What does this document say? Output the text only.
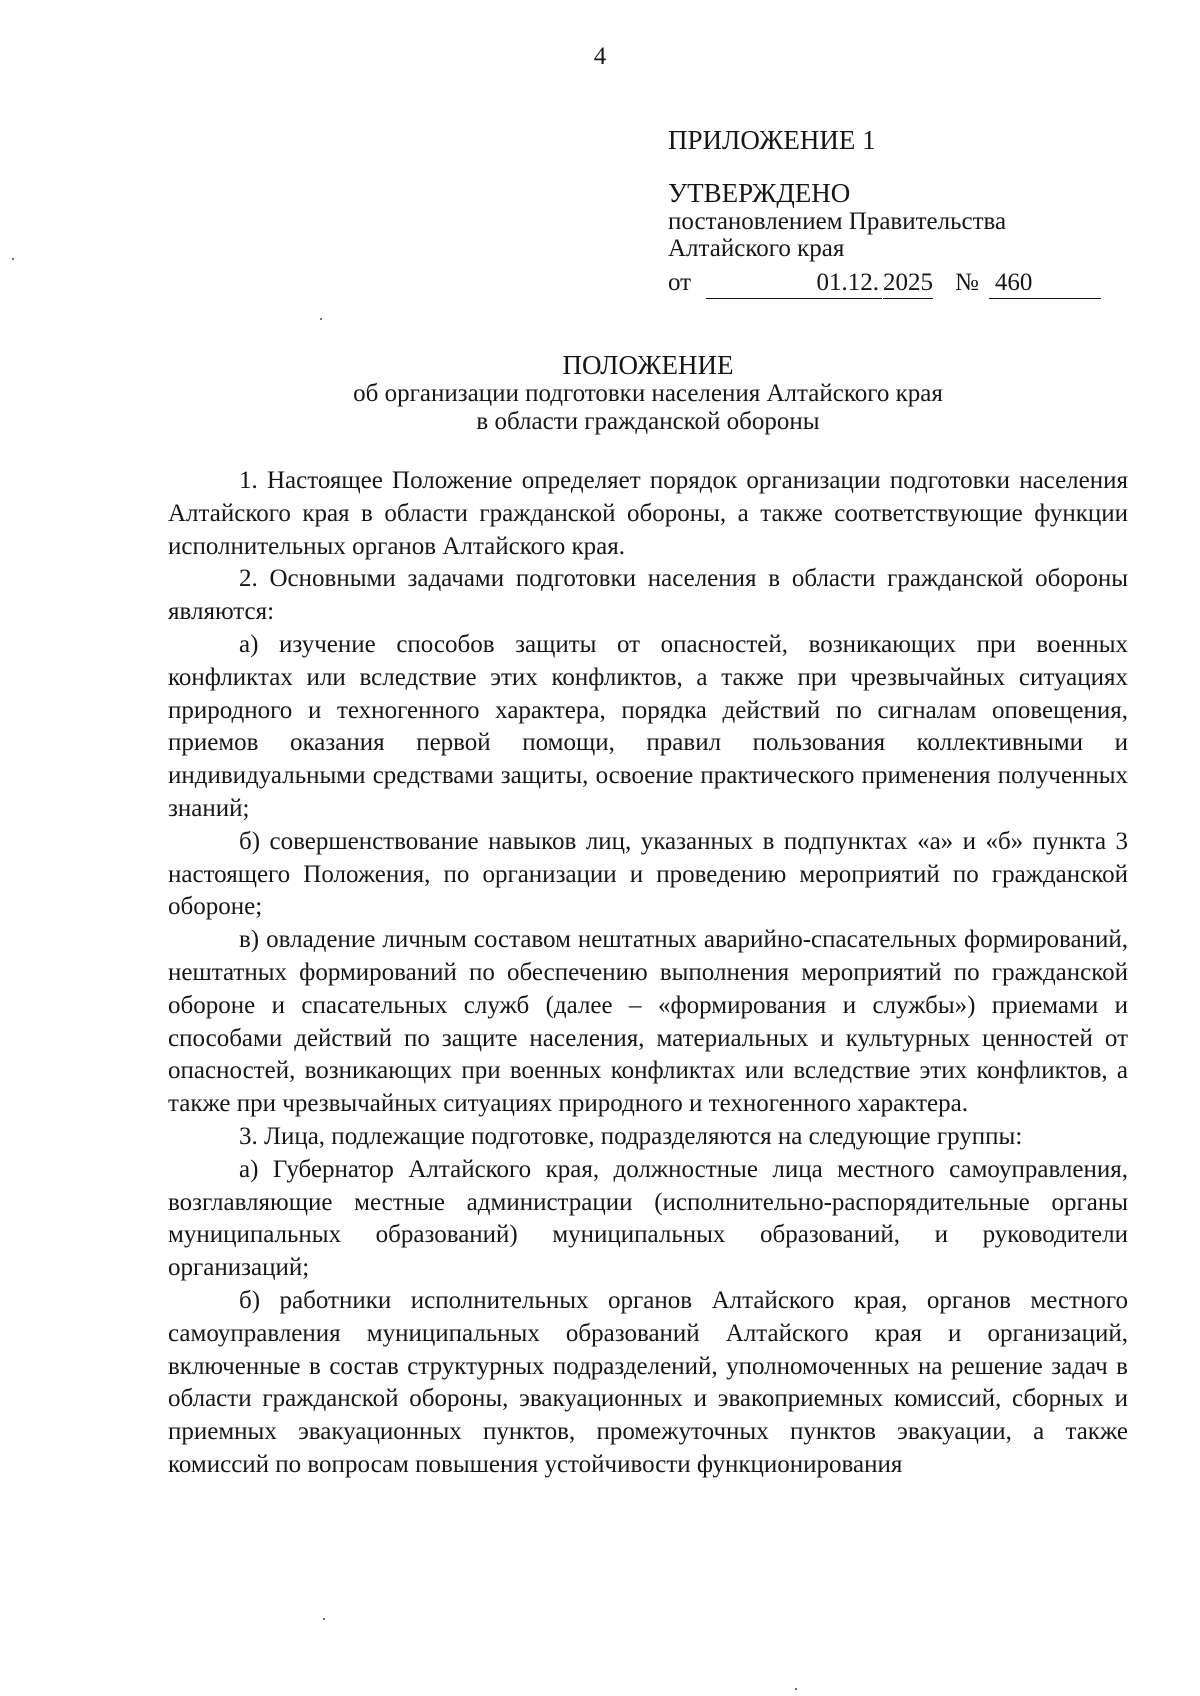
4
ПРИЛОЖЕНИЕ 1
УТВЕРЖДЕНО
постановлением Правительства
Алтайского края
от	01.12. 2025 № 460
ПОЛОЖЕНИЕ
об организации подготовки населения Алтайского края
в области гражданской обороны

1. Настоящее Положение определяет порядок организации подготовки населения Алтайского края в области гражданской обороны, а также соответствующие функции исполнительных органов Алтайского края.

2. Основными задачами подготовки населения в области гражданской обороны являются:

а) изучение способов защиты от опасностей, возникающих при военных конфликтах или вследствие этих конфликтов, а также при чрезвычайных ситуациях природного и техногенного характера, порядка действий по сигналам оповещения, приемов оказания первой помощи, правил пользования коллективными и индивидуальными средствами защиты, освоение практического применения полученных знаний;

б) совершенствование навыков лиц, указанных в подпунктах «а» и «б» пункта 3 настоящего Положения, по организации и проведению мероприятий по гражданской обороне;

в) овладение личным составом нештатных аварийно-спасательных формирований, нештатных формирований по обеспечению выполнения мероприятий по гражданской обороне и спасательных служб (далее – «формирования и службы») приемами и способами действий по защите населения, материальных и культурных ценностей от опасностей, возникающих при военных конфликтах или вследствие этих конфликтов, а также при чрезвычайных ситуациях природного и техногенного характера.

3. Лица, подлежащие подготовке, подразделяются на следующие группы:

а) Губернатор Алтайского края, должностные лица местного самоуправления, возглавляющие местные администрации (исполнительно-распорядительные органы муниципальных образований) муниципальных образований, и руководители организаций;

б) работники исполнительных органов Алтайского края, органов местного самоуправления муниципальных образований Алтайского края и организаций, включенные в состав структурных подразделений, уполномоченных на решение задач в области гражданской обороны, эвакуационных и эвакоприемных комиссий, сборных и приемных эвакуационных пунктов, промежуточных пунктов эвакуации, а также комиссий по вопросам повышения устойчивости функционирования
